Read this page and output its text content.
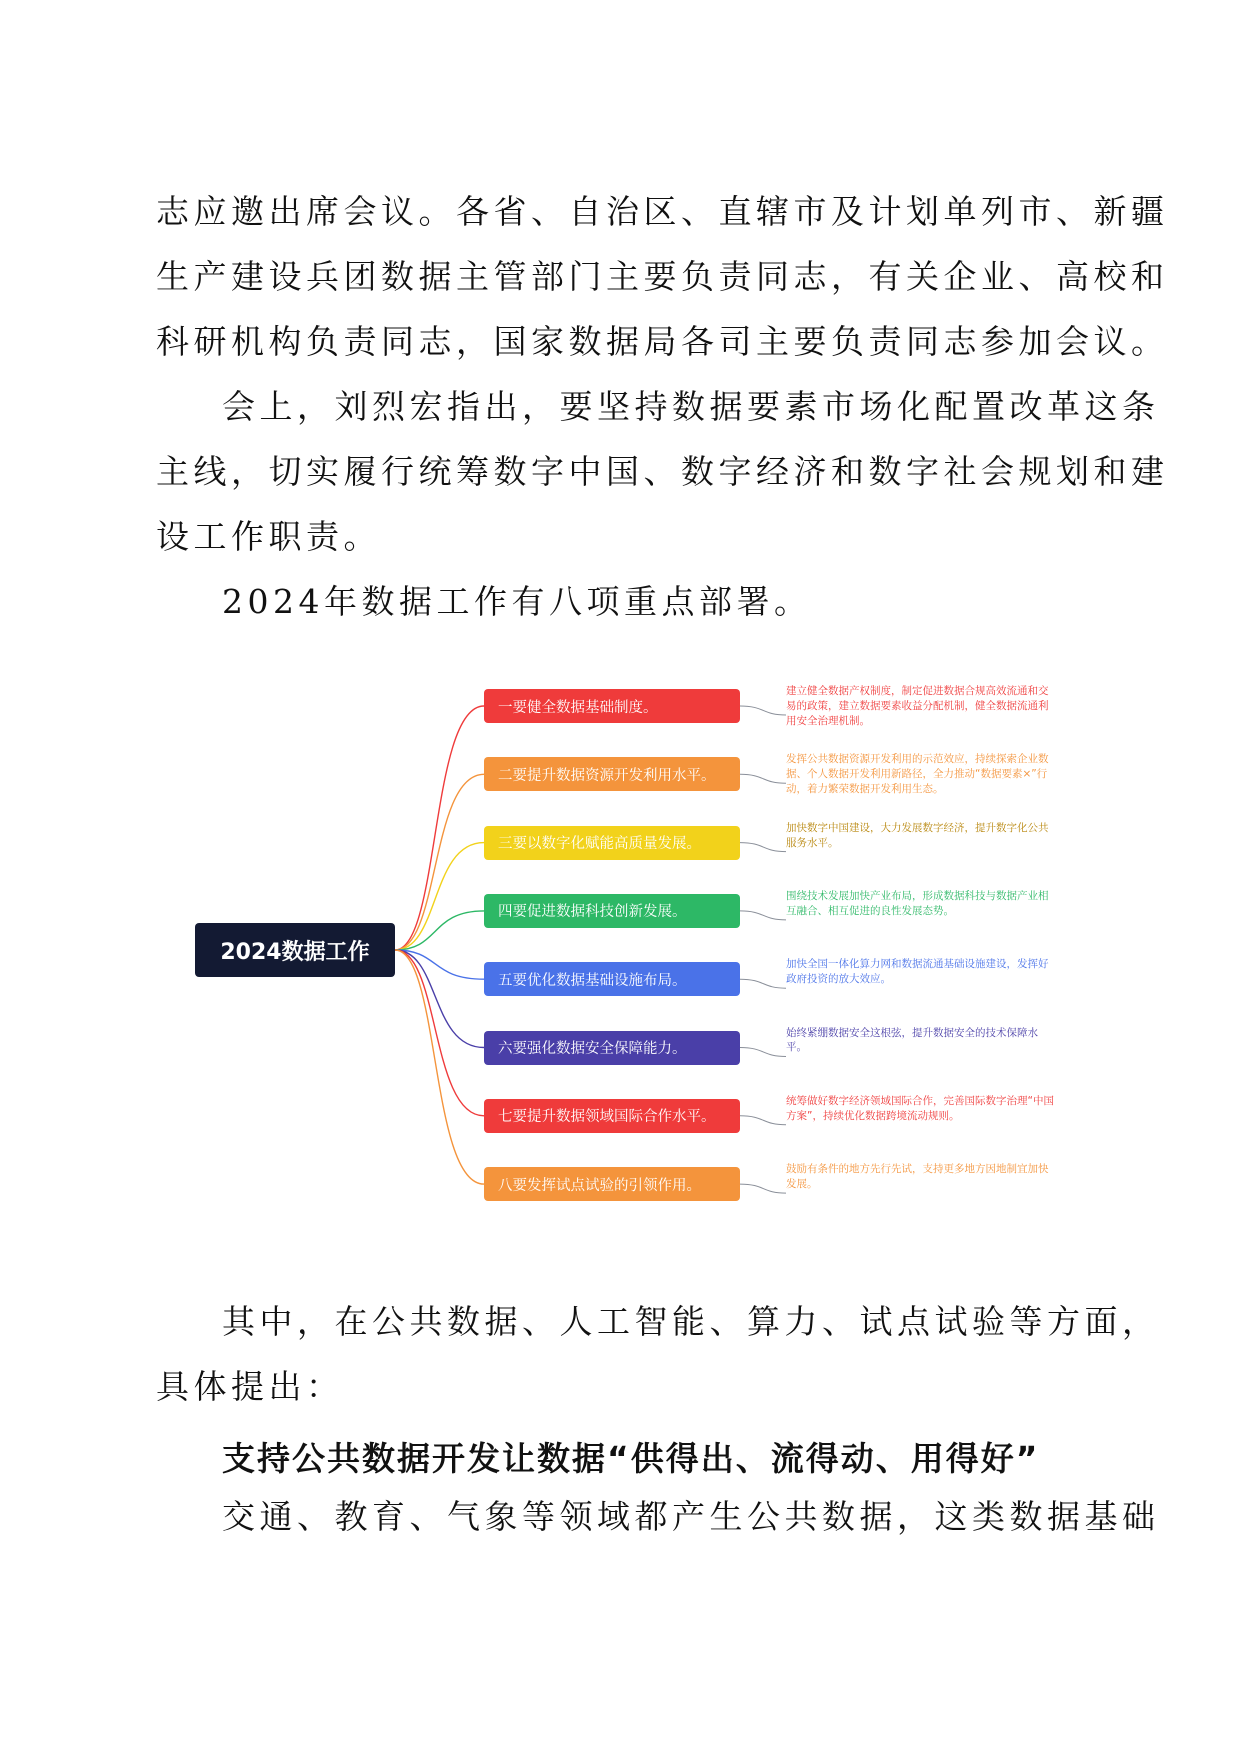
志应邀出席会议。各省、自治区、直辖市及计划单列市、新疆
生产建设兵团数据主管部门主要负责同志，有关企业、高校和
科研机构负责同志，国家数据局各司主要负责同志参加会议。
会上，刘烈宏指出，要坚持数据要素市场化配置改革这条
主线，切实履行统筹数字中国、数字经济和数字社会规划和建
设工作职责。
2024年数据工作有八项重点部署。
2024数据工作
一要健全数据基础制度。
建立健全数据产权制度，制定促进数据合规高效流通和交易的政策，建立数据要素收益分配机制，健全数据流通利用安全治理机制。
二要提升数据资源开发利用水平。
发挥公共数据资源开发利用的示范效应，持续探索企业数据、个人数据开发利用新路径，全力推动“数据要素×”行动，着力繁荣数据开发利用生态。
三要以数字化赋能高质量发展。
加快数字中国建设，大力发展数字经济，提升数字化公共服务水平。
四要促进数据科技创新发展。
围绕技术发展加快产业布局，形成数据科技与数据产业相互融合、相互促进的良性发展态势。
五要优化数据基础设施布局。
加快全国一体化算力网和数据流通基础设施建设，发挥好政府投资的放大效应。
六要强化数据安全保障能力。
始终紧绷数据安全这根弦，提升数据安全的技术保障水平。
七要提升数据领域国际合作水平。
统筹做好数字经济领域国际合作，完善国际数字治理“中国方案”，持续优化数据跨境流动规则。
八要发挥试点试验的引领作用。
鼓励有条件的地方先行先试，支持更多地方因地制宜加快发展。
其中，在公共数据、人工智能、算力、试点试验等方面，
具体提出：
支持公共数据开发让数据“供得出、流得动、用得好”
交通、教育、气象等领域都产生公共数据，这类数据基础
